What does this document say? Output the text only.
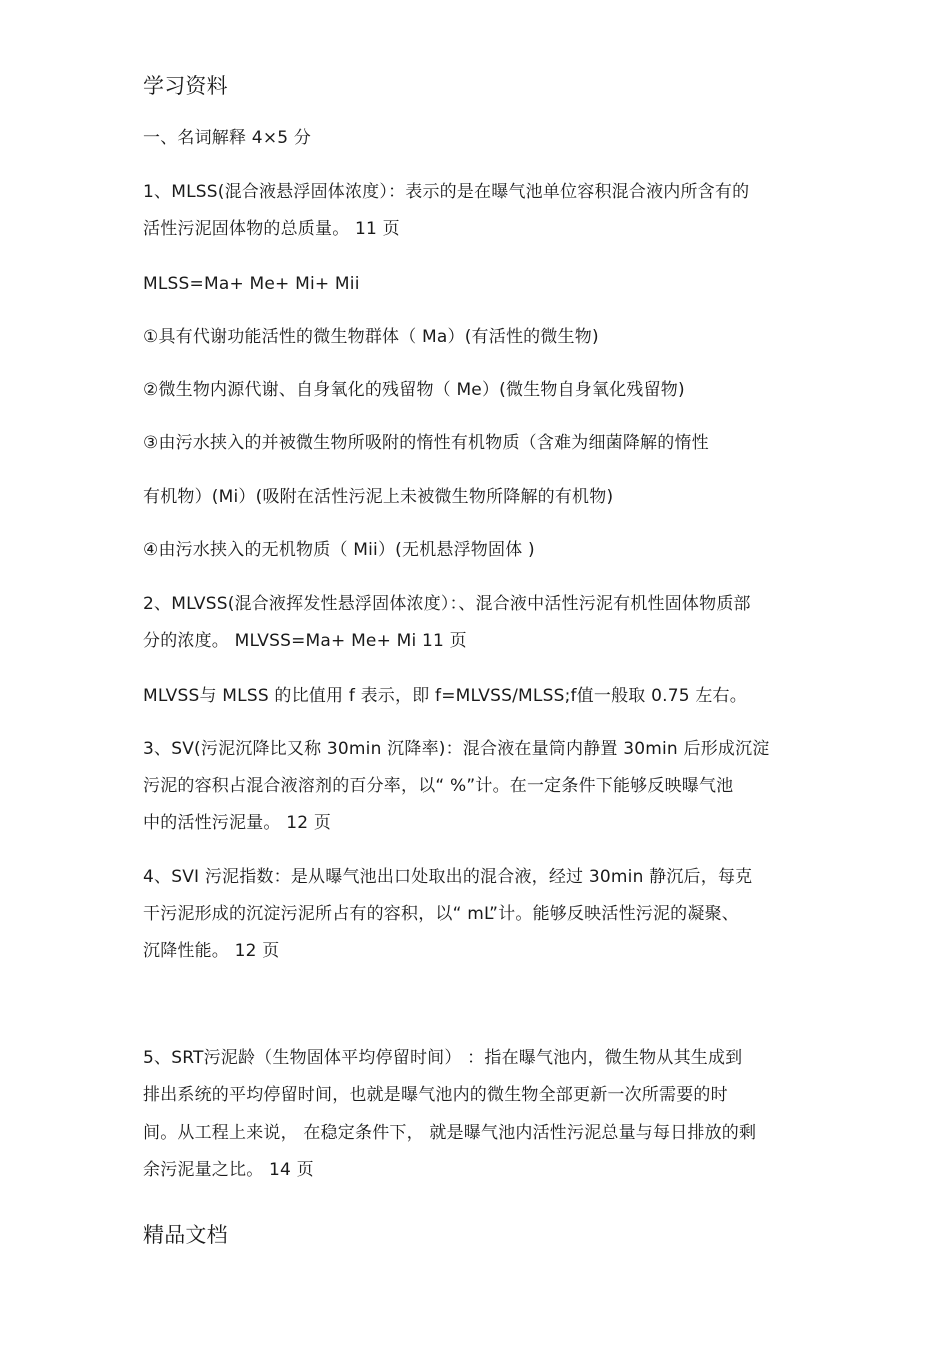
学习资料
一、名词解释 4×5 分
1、MLSS(混合液悬浮固体浓度）：表示的是在曝气池单位容积混合液内所含有的
活性污泥固体物的总质量。 11 页
MLSS=Ma+ Me+ Mi+ Mii
①具有代谢功能活性的微生物群体（ Ma）(有活性的微生物)
②微生物内源代谢、自身氧化的残留物（ Me）(微生物自身氧化残留物)
③由污水挟入的并被微生物所吸附的惰性有机物质（含难为细菌降解的惰性
有机物）(Mi）(吸附在活性污泥上未被微生物所降解的有机物)
④由污水挟入的无机物质（ Mii）(无机悬浮物固体 )
2、MLVSS(混合液挥发性悬浮固体浓度）：、混合液中活性污泥有机性固体物质部
分的浓度。 MLVSS=Ma+ Me+ Mi 11 页
MLVSS与 MLSS 的比值用 f 表示，即 f=MLVSS/MLSS;f值一般取 0.75 左右。
3、SV(污泥沉降比又称 30min 沉降率)：混合液在量筒内静置 30min 后形成沉淀
污泥的容积占混合液溶剂的百分率，以“ %”计。在一定条件下能够反映曝气池
中的活性污泥量。 12 页
4、SVI 污泥指数：是从曝气池出口处取出的混合液，经过 30min 静沉后，每克
干污泥形成的沉淀污泥所占有的容积，以“ mL”计。能够反映活性污泥的凝聚、
沉降性能。 12 页
5、SRT污泥龄（生物固体平均停留时间） ：指在曝气池内，微生物从其生成到
排出系统的平均停留时间，也就是曝气池内的微生物全部更新一次所需要的时
间。从工程上来说， 在稳定条件下， 就是曝气池内活性污泥总量与每日排放的剩
余污泥量之比。 14 页
精品文档
